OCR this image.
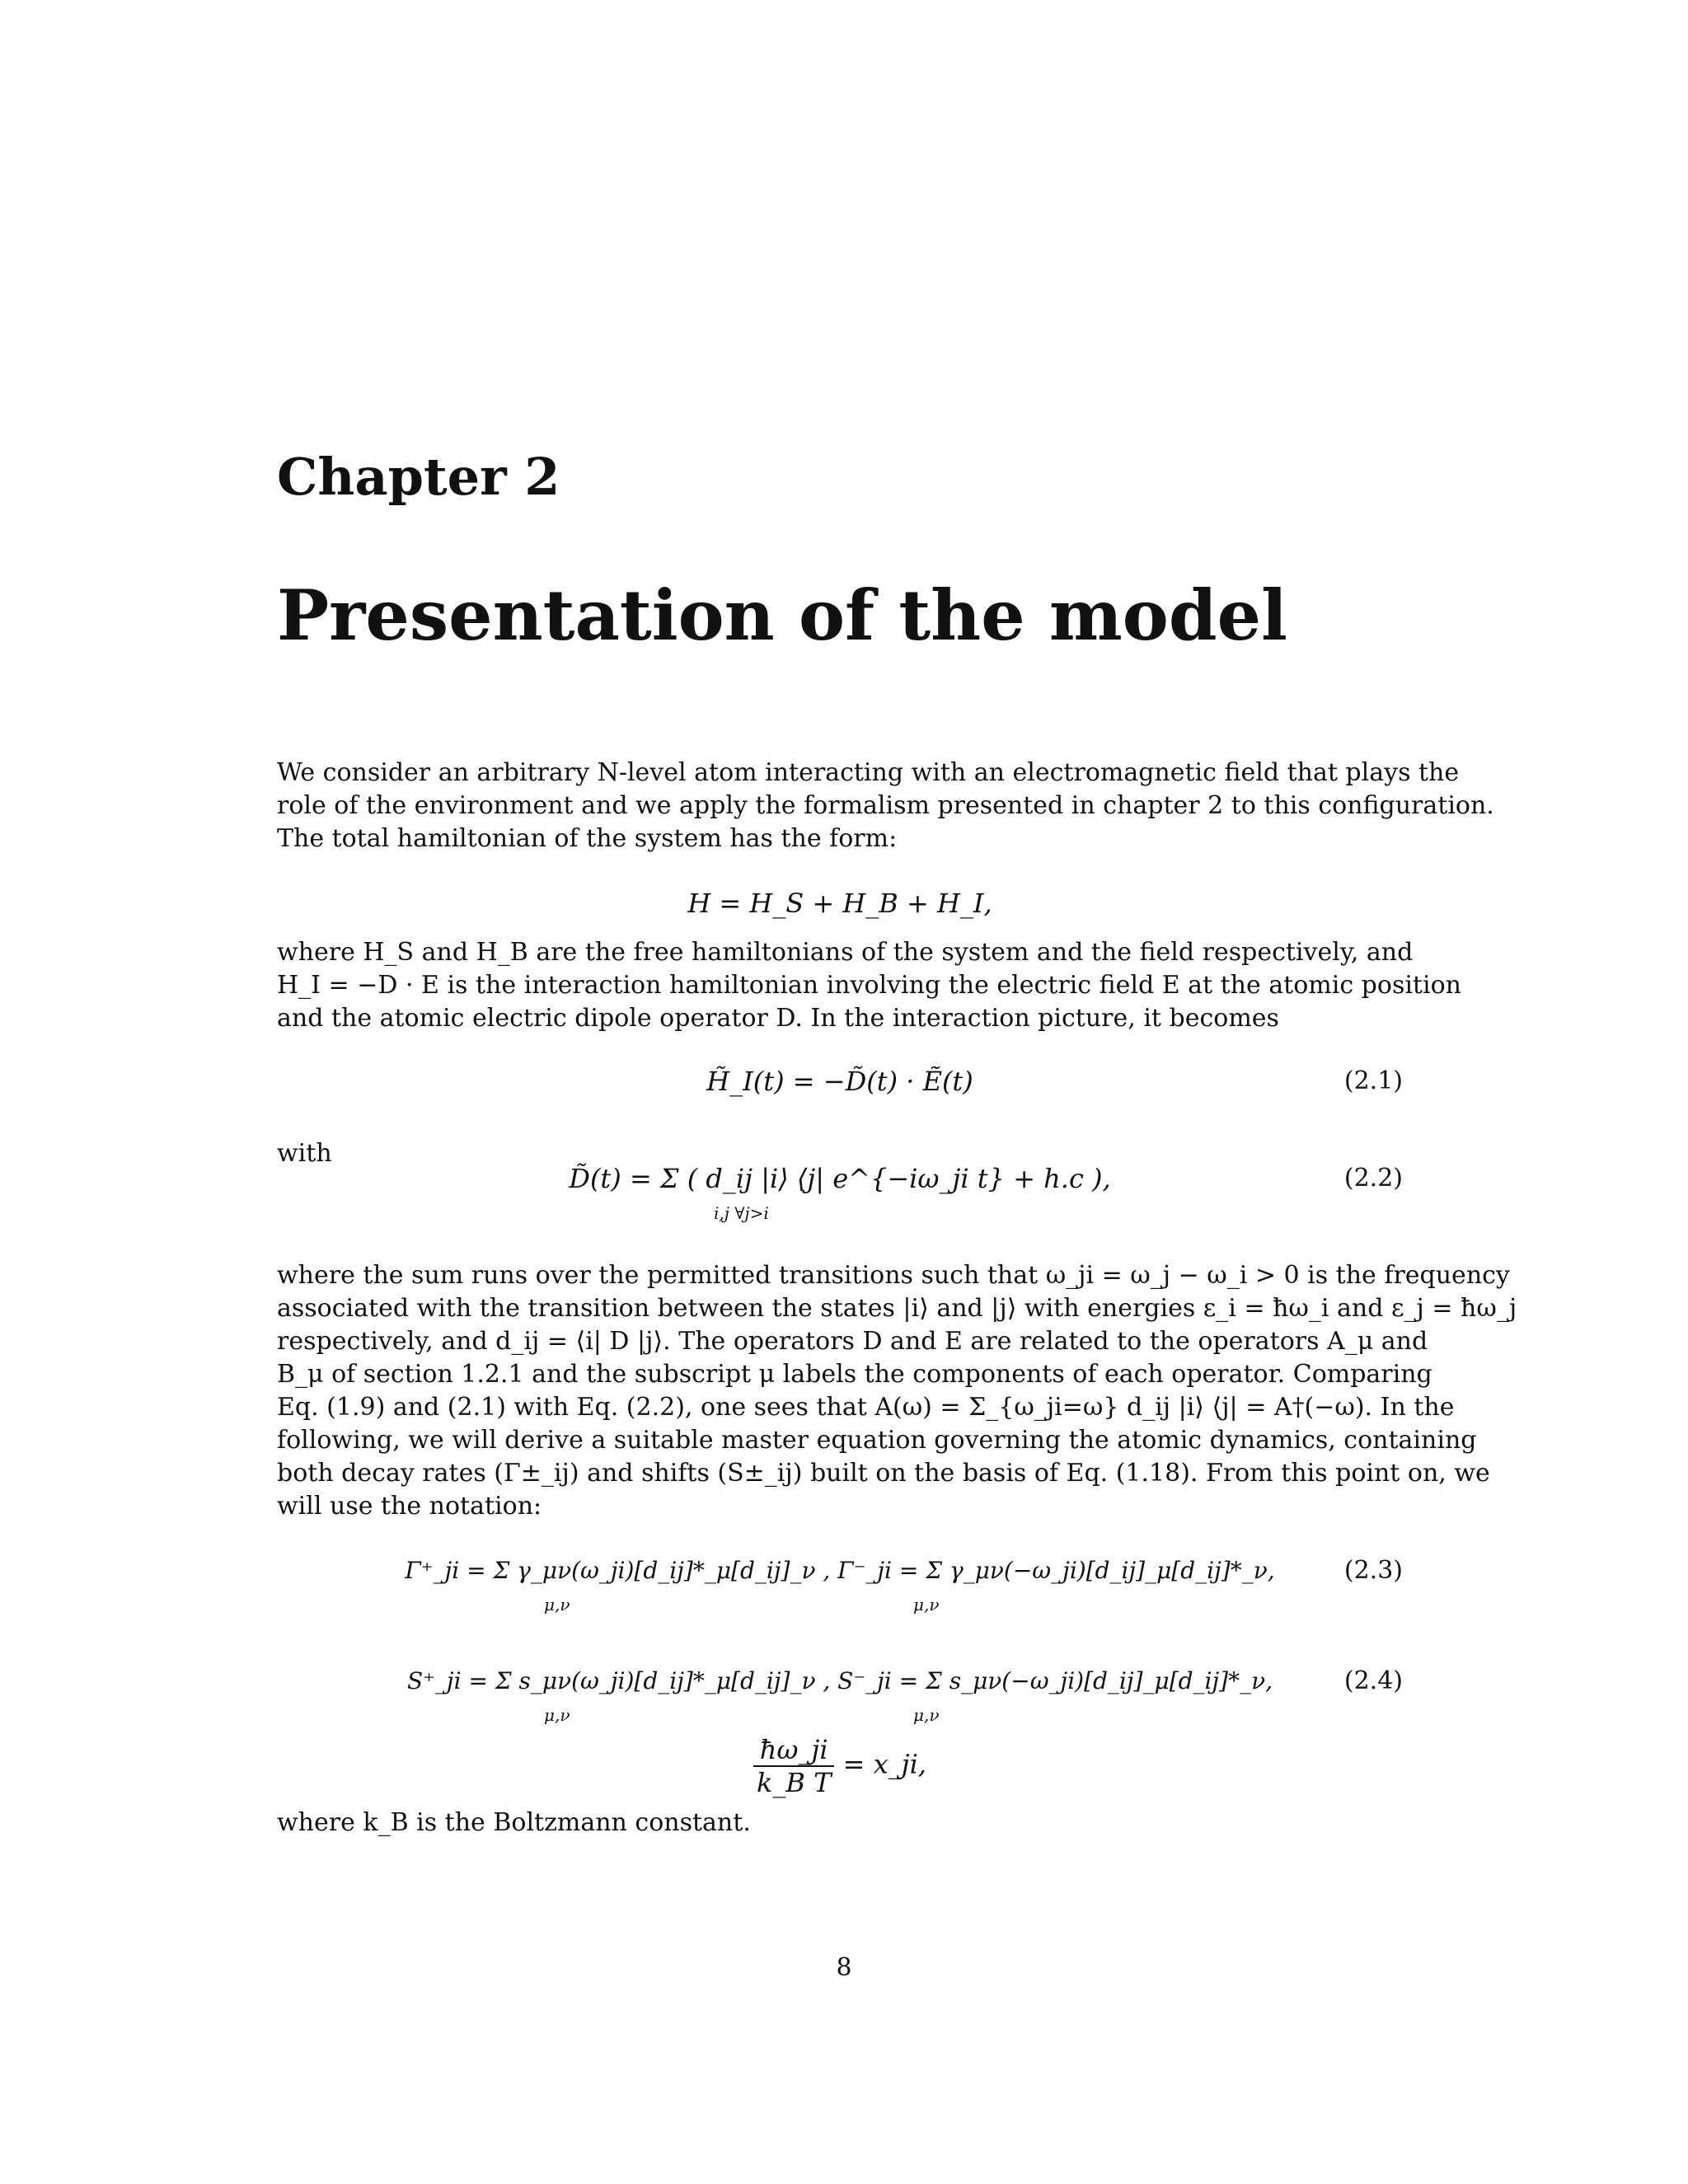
Chapter 2
Presentation of the model
We consider an arbitrary N-level atom interacting with an electromagnetic field that plays the
role of the environment and we apply the formalism presented in chapter 2 to this configuration.
The total hamiltonian of the system has the form:
H = H_S + H_B + H_I,
where H_S and H_B are the free hamiltonians of the system and the field respectively, and
H_I = −D · E is the interaction hamiltonian involving the electric field E at the atomic position
and the atomic electric dipole operator D. In the interaction picture, it becomes
H̃_I(t) = −D̃(t) · Ẽ(t)	(2.1)
with
D̃(t) = Σ ( d_ij |i⟩ ⟨j| e^{−iω_ji t} + h.c ),
i,j ∀j>i
(2.2)
where the sum runs over the permitted transitions such that ω_ji = ω_j − ω_i > 0 is the frequency
associated with the transition between the states |i⟩ and |j⟩ with energies ε_i = ħω_i and ε_j = ħω_j
respectively, and d_ij = ⟨i| D |j⟩. The operators D and E are related to the operators A_μ and
B_μ of section 1.2.1 and the subscript μ labels the components of each operator. Comparing
Eq. (1.9) and (2.1) with Eq. (2.2), one sees that A(ω) = Σ_{ω_ji=ω} d_ij |i⟩ ⟨j| = A†(−ω). In the
following, we will derive a suitable master equation governing the atomic dynamics, containing
both decay rates (Γ±_ij) and shifts (S±_ij) built on the basis of Eq. (1.18). From this point on, we
will use the notation:
Γ⁺_ji = Σ γ_μν(ω_ji)[d_ij]*_μ[d_ij]_ν , Γ⁻_ji = Σ γ_μν(−ω_ji)[d_ij]_μ[d_ij]*_ν,
μ,ν	μ,ν
(2.3)
S⁺_ji = Σ s_μν(ω_ji)[d_ij]*_μ[d_ij]_ν , S⁻_ji = Σ s_μν(−ω_ji)[d_ij]_μ[d_ij]*_ν,
μ,ν	μ,ν
(2.4)
$\frac{ħ\omega\_ji}{\text{k\_B T}}$ = x_ji,
where k_B is the Boltzmann constant.
8
